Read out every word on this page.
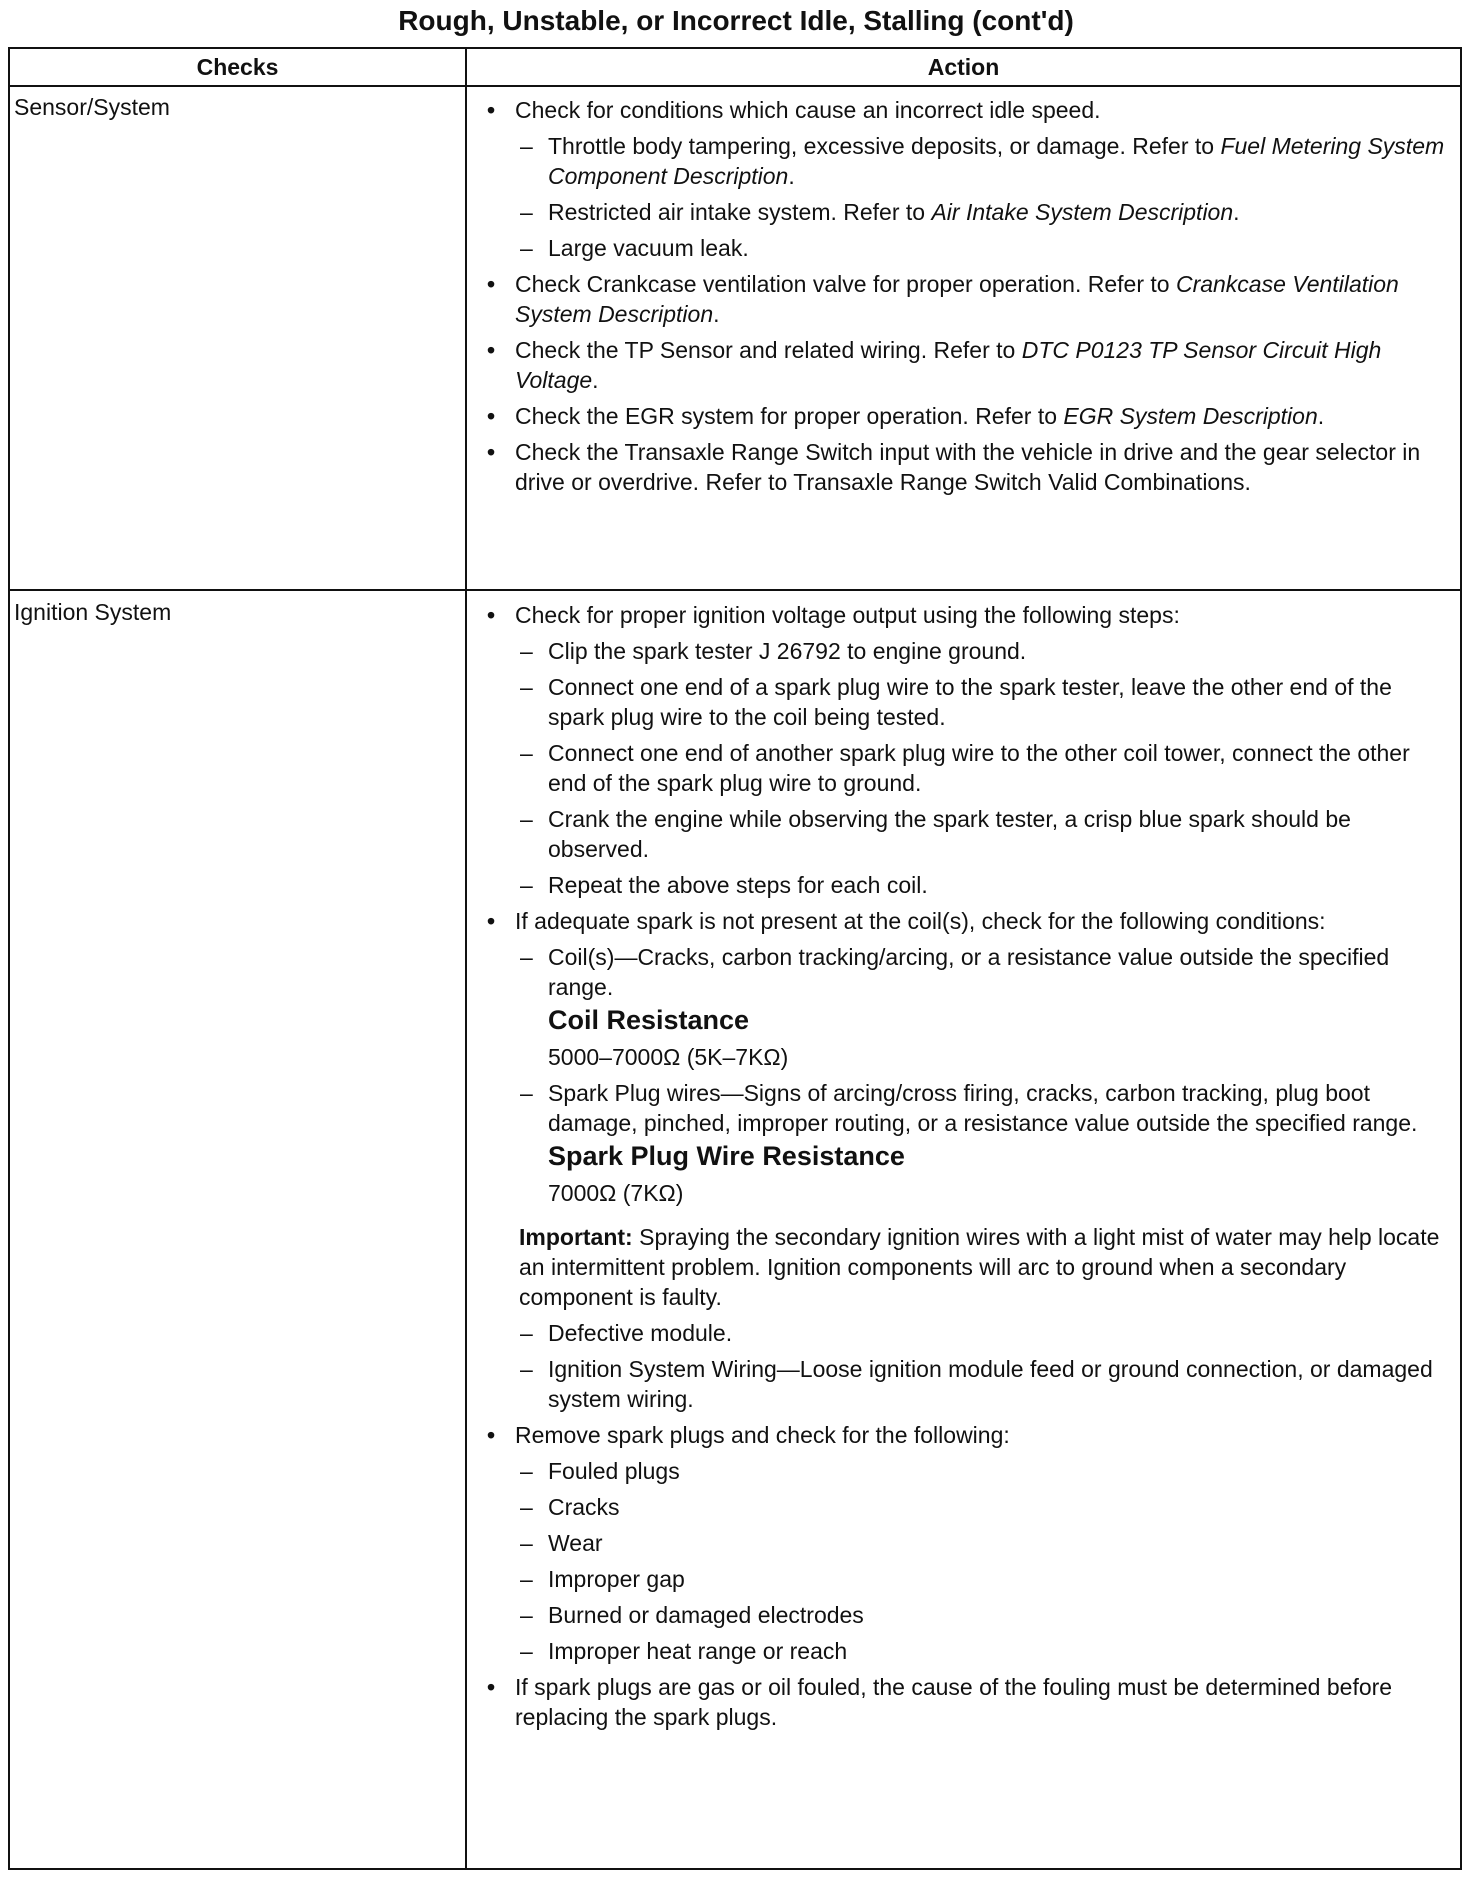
Rough, Unstable, or Incorrect Idle, Stalling (cont'd)
Checks	Action
Sensor/System	• Check for conditions which cause an incorrect idle speed.
– Throttle body tampering, excessive deposits, or damage. Refer to Fuel Metering System Component Description.
– Restricted air intake system. Refer to Air Intake System Description.
– Large vacuum leak.
• Check Crankcase ventilation valve for proper operation. Refer to Crankcase Ventilation System Description.
• Check the TP Sensor and related wiring. Refer to DTC P0123 TP Sensor Circuit High Voltage.
• Check the EGR system for proper operation. Refer to EGR System Description.
• Check the Transaxle Range Switch input with the vehicle in drive and the gear selector in drive or overdrive. Refer to Transaxle Range Switch Valid Combinations.
Ignition System	• Check for proper ignition voltage output using the following steps:
– Clip the spark tester J 26792 to engine ground.
– Connect one end of a spark plug wire to the spark tester, leave the other end of the spark plug wire to the coil being tested.
– Connect one end of another spark plug wire to the other coil tower, connect the other end of the spark plug wire to ground.
– Crank the engine while observing the spark tester, a crisp blue spark should be observed.
– Repeat the above steps for each coil.
• If adequate spark is not present at the coil(s), check for the following conditions:
– Coil(s)—Cracks, carbon tracking/arcing, or a resistance value outside the specified range.
Coil Resistance
5000–7000Ω (5K–7KΩ)
– Spark Plug wires—Signs of arcing/cross firing, cracks, carbon tracking, plug boot damage, pinched, improper routing, or a resistance value outside the specified range.
Spark Plug Wire Resistance
7000Ω (7KΩ)
Important: Spraying the secondary ignition wires with a light mist of water may help locate an intermittent problem. Ignition components will arc to ground when a secondary component is faulty.
– Defective module.
– Ignition System Wiring—Loose ignition module feed or ground connection, or damaged system wiring.
• Remove spark plugs and check for the following:
– Fouled plugs
– Cracks
– Wear
– Improper gap
– Burned or damaged electrodes
– Improper heat range or reach
• If spark plugs are gas or oil fouled, the cause of the fouling must be determined before replacing the spark plugs.
